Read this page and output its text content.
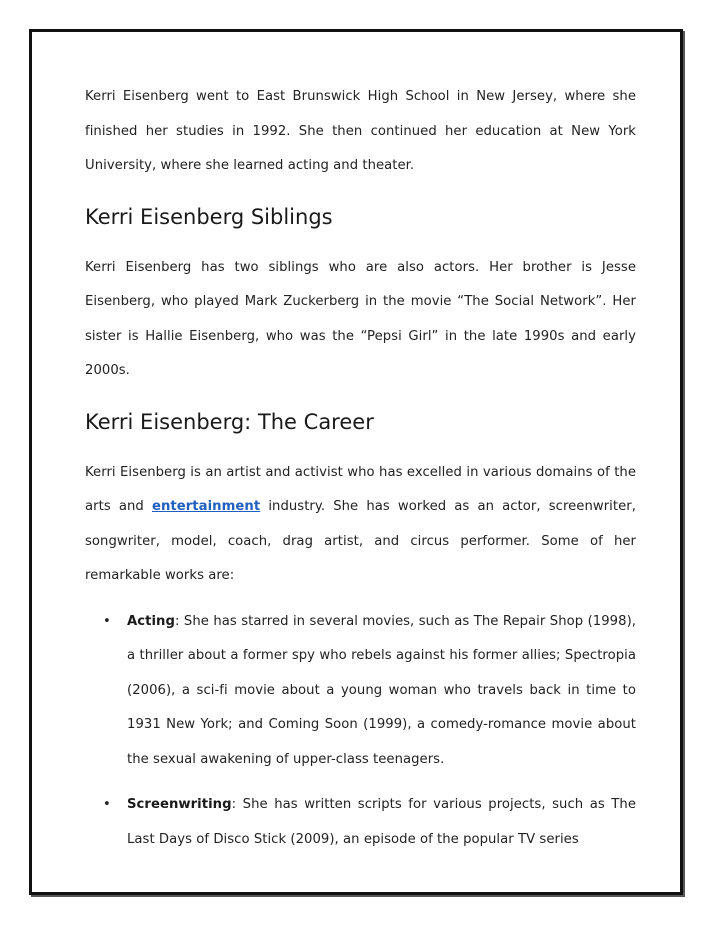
Kerri Eisenberg went to East Brunswick High School in New Jersey, where she finished her studies in 1992. She then continued her education at New York University, where she learned acting and theater.

Kerri Eisenberg Siblings

Kerri Eisenberg has two siblings who are also actors. Her brother is Jesse Eisenberg, who played Mark Zuckerberg in the movie “The Social Network”. Her sister is Hallie Eisenberg, who was the “Pepsi Girl” in the late 1990s and early 2000s.

Kerri Eisenberg: The Career

Kerri Eisenberg is an artist and activist who has excelled in various domains of the arts and entertainment industry. She has worked as an actor, screenwriter, songwriter, model, coach, drag artist, and circus performer. Some of her remarkable works are:

• Acting: She has starred in several movies, such as The Repair Shop (1998), a thriller about a former spy who rebels against his former allies; Spectropia (2006), a sci-fi movie about a young woman who travels back in time to 1931 New York; and Coming Soon (1999), a comedy-romance movie about the sexual awakening of upper-class teenagers.

• Screenwriting: She has written scripts for various projects, such as The Last Days of Disco Stick (2009), an episode of the popular TV series
